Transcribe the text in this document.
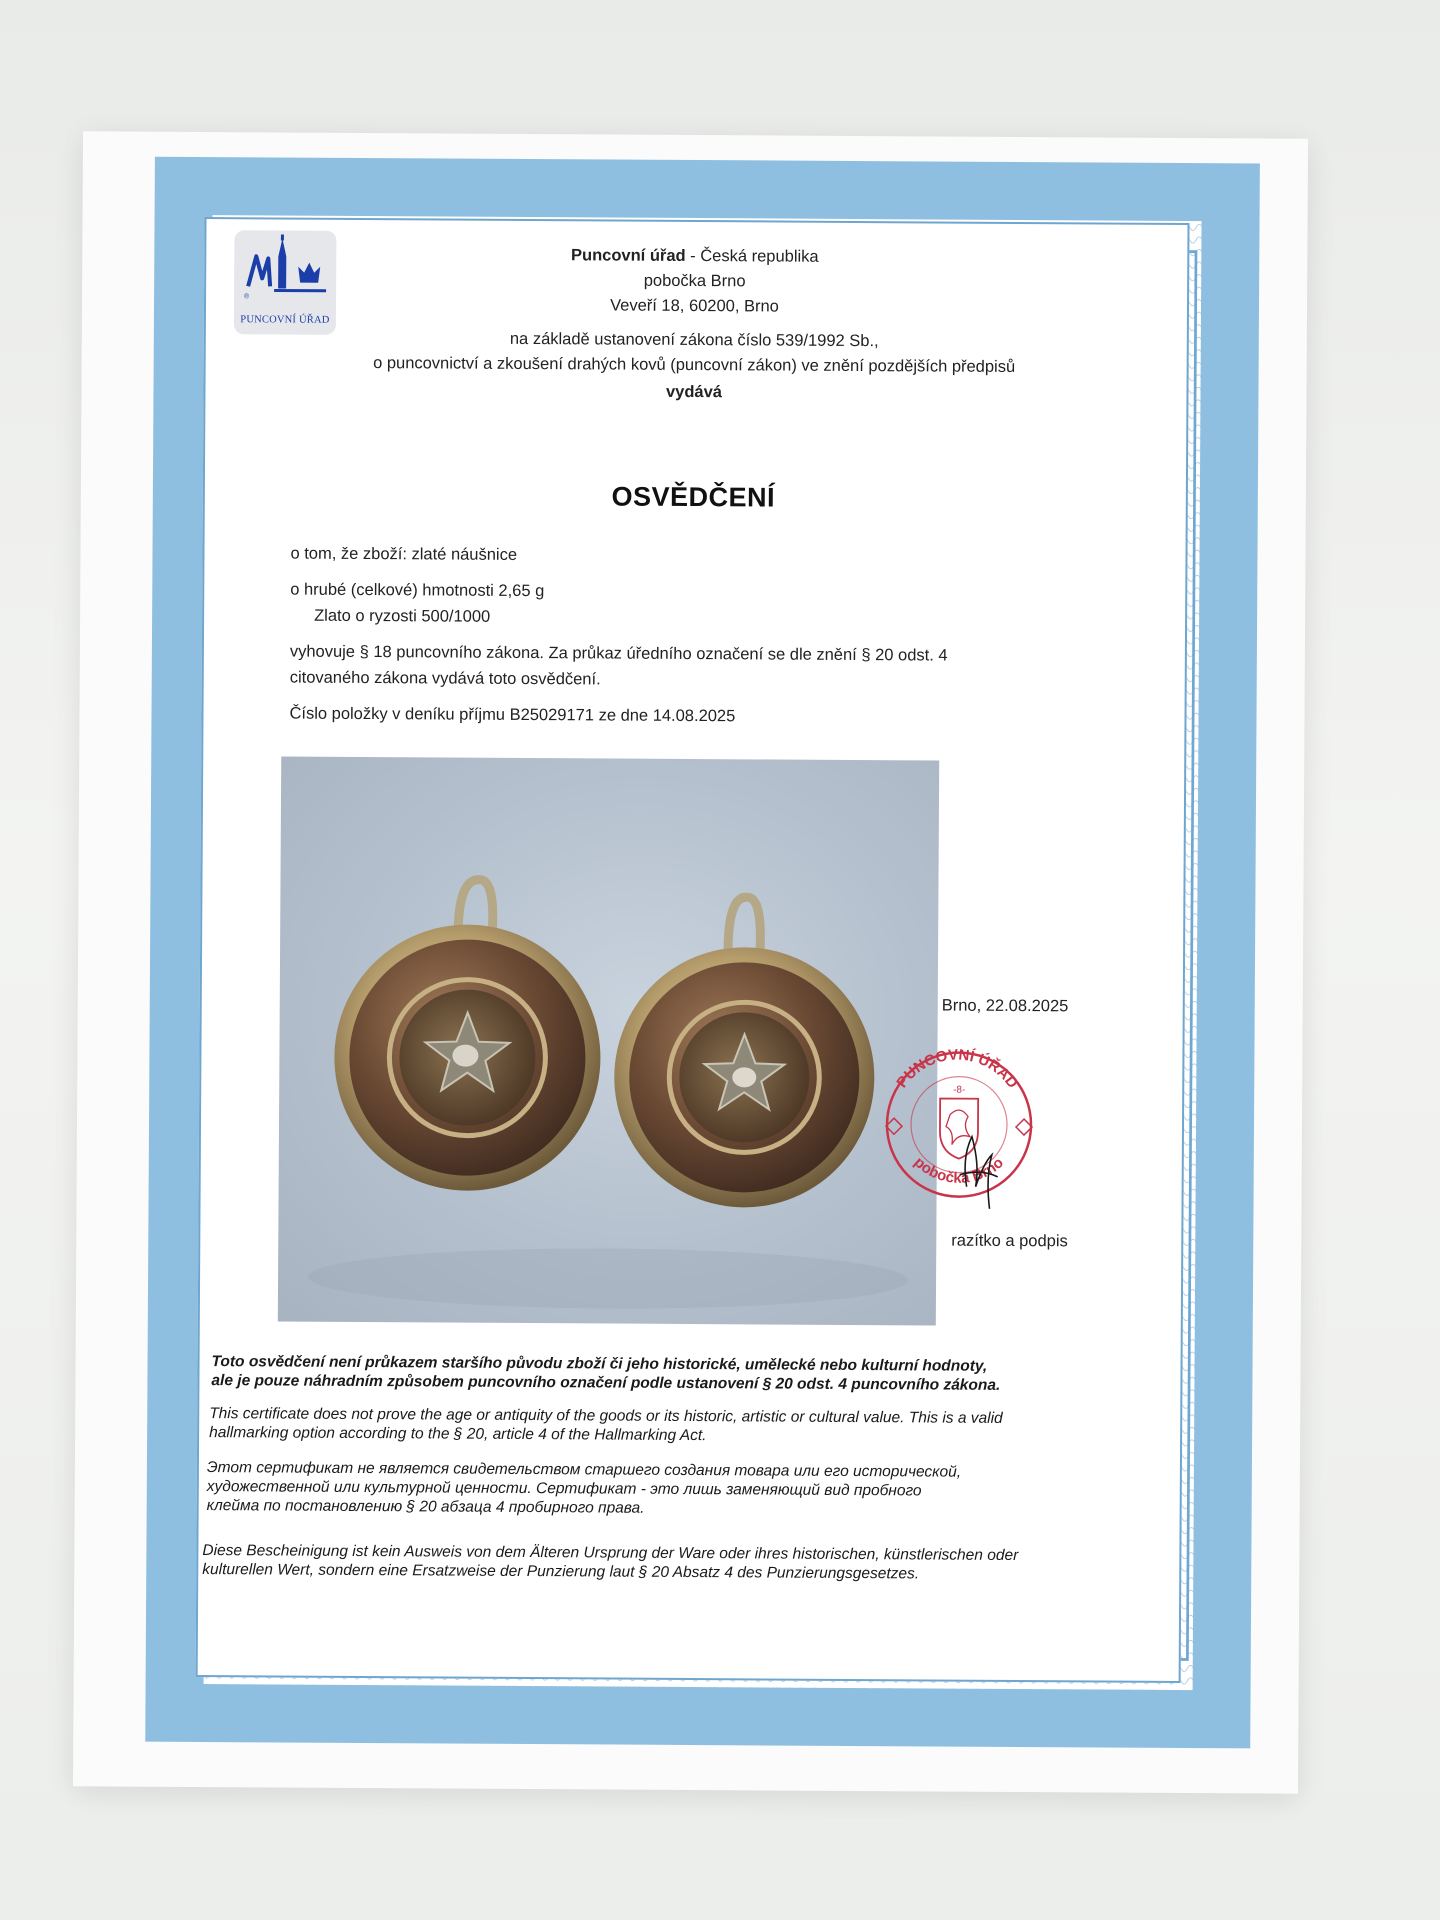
®
PUNCOVNÍ ÚŘAD
Puncovní úřad - Česká republika
pobočka Brno
Veveří 18, 60200, Brno
na základě ustanovení zákona číslo 539/1992 Sb.,
o puncovnictví a zkoušení drahých kovů (puncovní zákon) ve znění pozdějších předpisů
vydává
OSVĚDČENÍ
o tom, že zboží: zlaté náušnice
o hrubé (celkové) hmotnosti 2,65 g
Zlato o ryzosti 500/1000
vyhovuje § 18 puncovního zákona. Za průkaz úředního označení se dle znění § 20 odst. 4
citovaného zákona vydává toto osvědčení.
Číslo položky v deníku příjmu B25029171 ze dne 14.08.2025
Brno, 22.08.2025
PUNCOVNÍ ÚŘAD
pobočka Brno
-8-
razítko a podpis
Toto osvědčení není průkazem staršího původu zboží či jeho historické, umělecké nebo kulturní hodnoty,
ale je pouze náhradním způsobem puncovního označení podle ustanovení § 20 odst. 4 puncovního zákona.
This certificate does not prove the age or antiquity of the goods or its historic, artistic or cultural value. This is a valid
hallmarking option according to the § 20, article 4 of the Hallmarking Act.
Этот сертификат не является свидетельством старшего создания товара или его исторической,
художественной или культурной ценности. Сертификат - это лишь заменяющий вид пробного
клейма по постановлению § 20 абзаца 4 пробирного права.
Diese Bescheinigung ist kein Ausweis von dem Älteren Ursprung der Ware oder ihres historischen, künstlerischen oder
kulturellen Wert, sondern eine Ersatzweise der Punzierung laut § 20 Absatz 4 des Punzierungsgesetzes.
